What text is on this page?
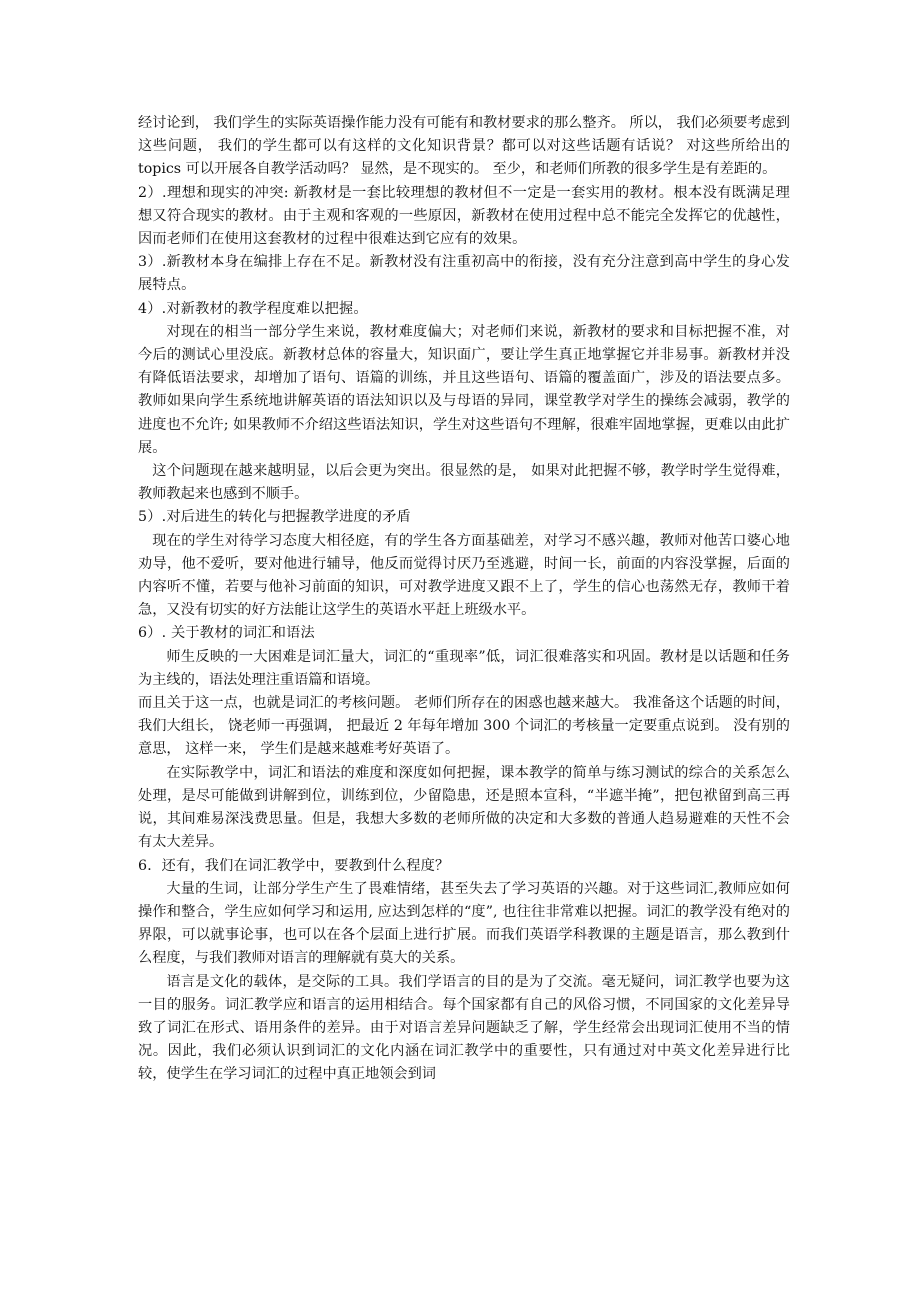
经讨论到， 我们学生的实际英语操作能力没有可能有和教材要求的那么整齐。 所以， 我们必须要考虑到这些问题， 我们的学生都可以有这样的文化知识背景？都可以对这些话题有话说？ 对这些所给出的 topics 可以开展各自教学活动吗？ 显然，是不现实的。 至少，和老师们所教的很多学生是有差距的。

2）.理想和现实的冲突: 新教材是一套比较理想的教材但不一定是一套实用的教材。根本没有既满足理想又符合现实的教材。由于主观和客观的一些原因，新教材在使用过程中总不能完全发挥它的优越性，因而老师们在使用这套教材的过程中很难达到它应有的效果。

3）.新教材本身在编排上存在不足。新教材没有注重初高中的衔接，没有充分注意到高中学生的身心发展特点。

4）.对新教材的教学程度难以把握。

对现在的相当一部分学生来说，教材难度偏大；对老师们来说，新教材的要求和目标把握不准，对今后的测试心里没底。新教材总体的容量大，知识面广，要让学生真正地掌握它并非易事。新教材并没有降低语法要求，却增加了语句、语篇的训练，并且这些语句、语篇的覆盖面广，涉及的语法要点多。教师如果向学生系统地讲解英语的语法知识以及与母语的异同，课堂教学对学生的操练会减弱，教学的进度也不允许; 如果教师不介绍这些语法知识，学生对这些语句不理解，很难牢固地掌握，更难以由此扩展。

这个问题现在越来越明显，以后会更为突出。很显然的是， 如果对此把握不够，教学时学生觉得难，教师教起来也感到不顺手。

5）.对后进生的转化与把握教学进度的矛盾

现在的学生对待学习态度大相径庭，有的学生各方面基础差，对学习不感兴趣，教师对他苦口婆心地劝导，他不爱听，要对他进行辅导，他反而觉得讨厌乃至逃避，时间一长，前面的内容没掌握，后面的内容听不懂，若要与他补习前面的知识，可对教学进度又跟不上了，学生的信心也荡然无存，教师干着急，又没有切实的好方法能让这学生的英语水平赶上班级水平。

6）. 关于教材的词汇和语法

师生反映的一大困难是词汇量大，词汇的“重现率”低，词汇很难落实和巩固。教材是以话题和任务为主线的，语法处理注重语篇和语境。

而且关于这一点，也就是词汇的考核问题。 老师们所存在的困惑也越来越大。 我准备这个话题的时间， 我们大组长， 饶老师一再强调， 把最近 2 年每年增加 300 个词汇的考核量一定要重点说到。 没有别的意思， 这样一来， 学生们是越来越难考好英语了。

在实际教学中，词汇和语法的难度和深度如何把握，课本教学的简单与练习测试的综合的关系怎么处理，是尽可能做到讲解到位，训练到位，少留隐患，还是照本宣科，“半遮半掩”，把包袱留到高三再说，其间难易深浅费思量。但是，我想大多数的老师所做的决定和大多数的普通人趋易避难的天性不会有太大差异。

6．还有，我们在词汇教学中，要教到什么程度？

大量的生词，让部分学生产生了畏难情绪，甚至失去了学习英语的兴趣。对于这些词汇,教师应如何操作和整合，学生应如何学习和运用, 应达到怎样的“度”, 也往往非常难以把握。词汇的教学没有绝对的界限，可以就事论事，也可以在各个层面上进行扩展。而我们英语学科教课的主题是语言，那么教到什么程度，与我们教师对语言的理解就有莫大的关系。

语言是文化的载体，是交际的工具。我们学语言的目的是为了交流。毫无疑问，词汇教学也要为这一目的服务。词汇教学应和语言的运用相结合。每个国家都有自己的风俗习惯，不同国家的文化差异导致了词汇在形式、语用条件的差异。由于对语言差异问题缺乏了解，学生经常会出现词汇使用不当的情况。因此，我们必须认识到词汇的文化内涵在词汇教学中的重要性，只有通过对中英文化差异进行比较，使学生在学习词汇的过程中真正地领会到词
